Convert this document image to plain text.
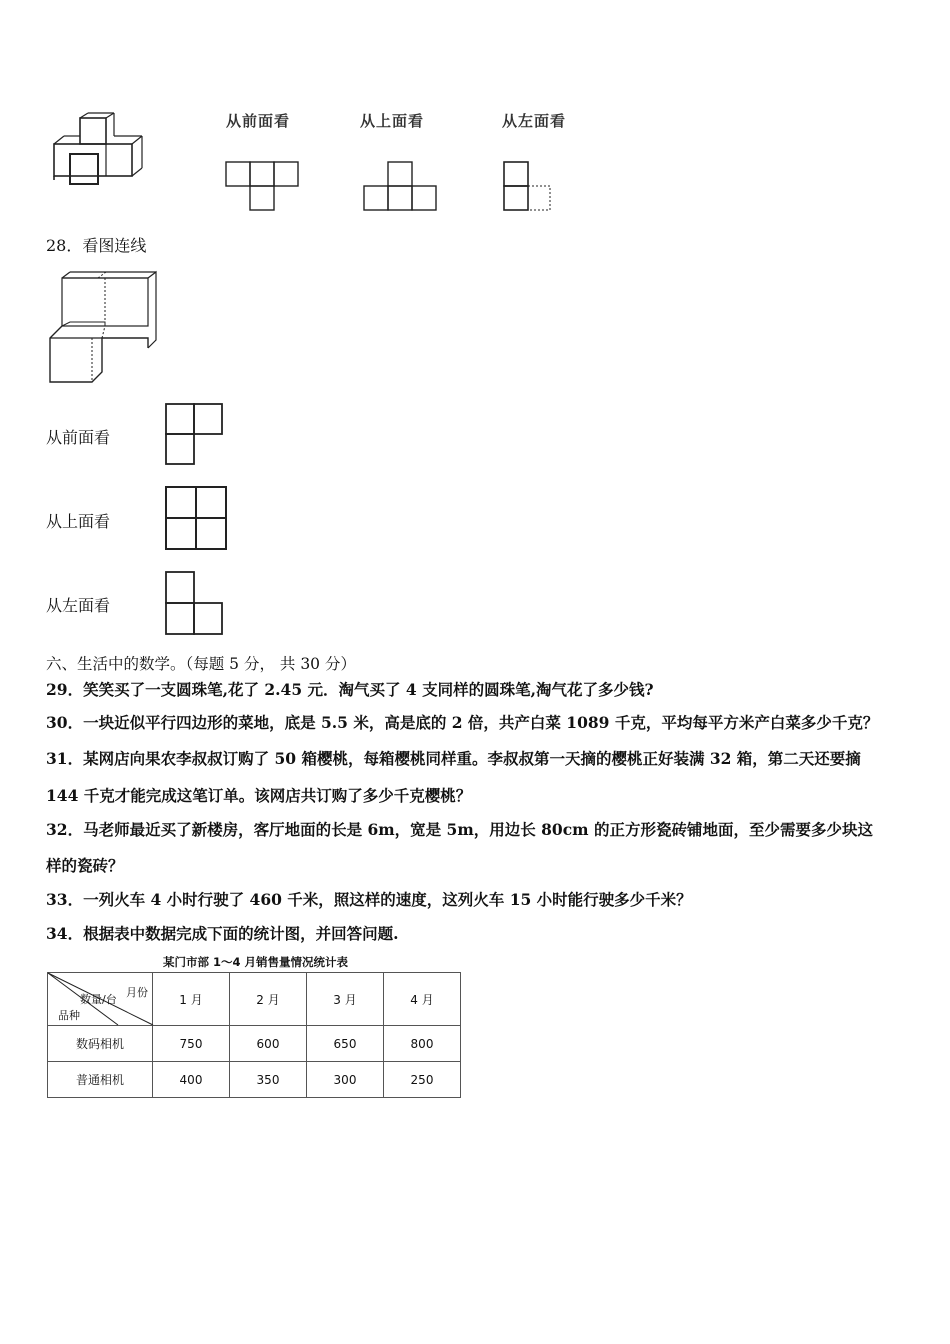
从前面看	从上面看	从左面看
28．看图连线
从前面看
从上面看
从左面看
六、生活中的数学。（每题 5 分， 共 30 分）
29．笑笑买了一支圆珠笔,花了 2.45 元．淘气买了 4 支同样的圆珠笔,淘气花了多少钱?
30．一块近似平行四边形的菜地，底是 5.5 米，高是底的 2 倍，共产白菜 1089 千克，平均每平方米产白菜多少千克？
31．某网店向果农李叔叔订购了 50 箱樱桃，每箱樱桃同样重。李叔叔第一天摘的樱桃正好装满 32 箱，第二天还要摘
144 千克才能完成这笔订单。该网店共订购了多少千克樱桃？
32．马老师最近买了新楼房，客厅地面的长是 6m，宽是 5m，用边长 80cm 的正方形瓷砖铺地面，至少需要多少块这
样的瓷砖？
33．一列火车 4 小时行驶了 460 千米，照这样的速度，这列火车 15 小时能行驶多少千米？
34．根据表中数据完成下面的统计图，并回答问题.
某门市部 1～4 月销售量情况统计表
月份
数量/台
品种	1 月	2 月	3 月	4 月
数码相机	750	600	650	800
普通相机	400	350	300	250
